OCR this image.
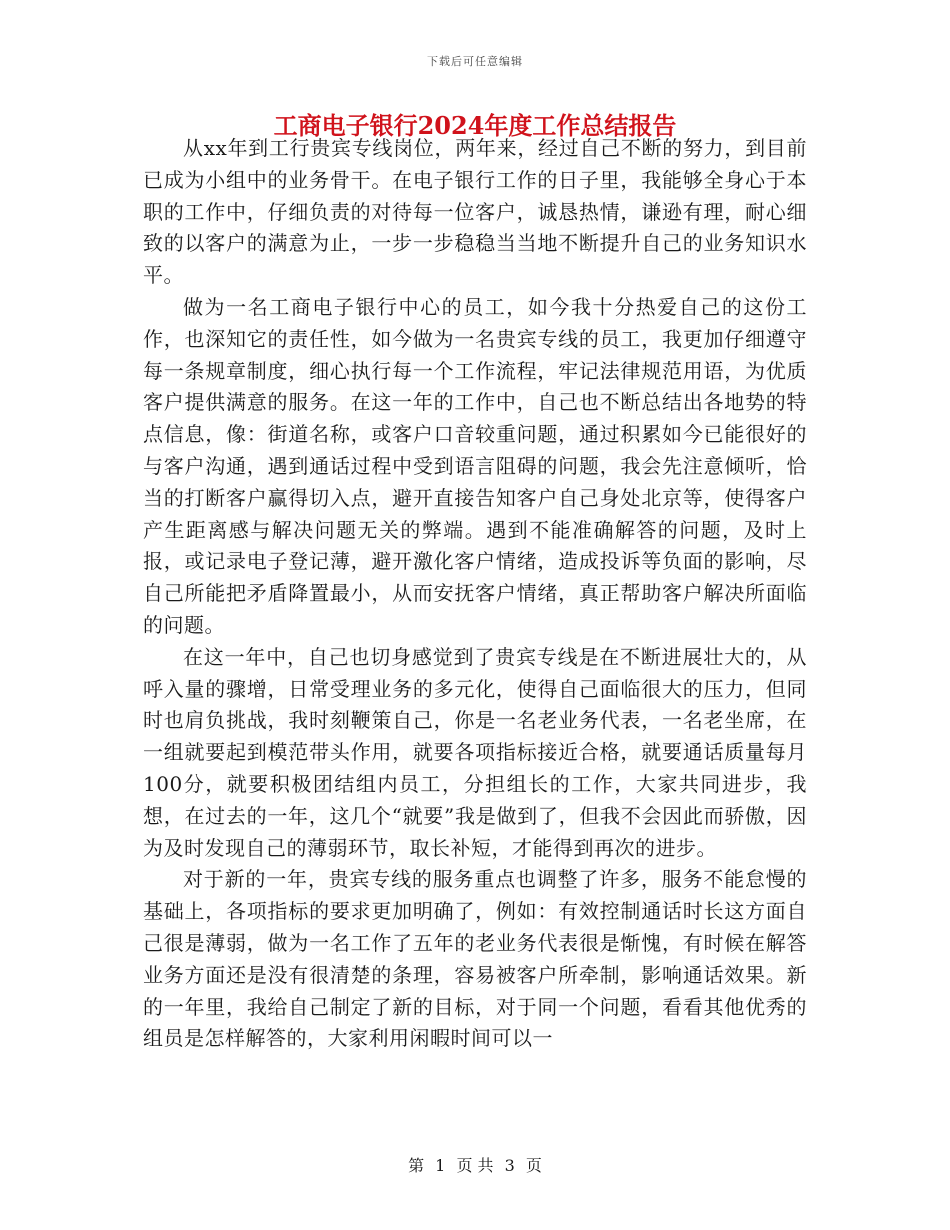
下载后可任意编辑
工商电子银行2024年度工作总结报告

从xx年到工行贵宾专线岗位，两年来，经过自己不断的努力，到目前已成为小组中的业务骨干。在电子银行工作的日子里，我能够全身心于本职的工作中，仔细负责的对待每一位客户，诚恳热情，谦逊有理，耐心细致的以客户的满意为止，一步一步稳稳当当地不断提升自己的业务知识水平。

做为一名工商电子银行中心的员工，如今我十分热爱自己的这份工作，也深知它的责任性，如今做为一名贵宾专线的员工，我更加仔细遵守每一条规章制度，细心执行每一个工作流程，牢记法律规范用语，为优质客户提供满意的服务。在这一年的工作中，自己也不断总结出各地势的特点信息，像：街道名称，或客户口音较重问题，通过积累如今已能很好的与客户沟通，遇到通话过程中受到语言阻碍的问题，我会先注意倾听，恰当的打断客户赢得切入点，避开直接告知客户自己身处北京等，使得客户产生距离感与解决问题无关的弊端。遇到不能准确解答的问题，及时上报，或记录电子登记薄，避开激化客户情绪，造成投诉等负面的影响，尽自己所能把矛盾降置最小，从而安抚客户情绪，真正帮助客户解决所面临的问题。

在这一年中，自己也切身感觉到了贵宾专线是在不断进展壮大的，从呼入量的骤增，日常受理业务的多元化，使得自己面临很大的压力，但同时也肩负挑战，我时刻鞭策自己，你是一名老业务代表，一名老坐席，在一组就要起到模范带头作用，就要各项指标接近合格，就要通话质量每月100分，就要积极团结组内员工，分担组长的工作，大家共同进步，我想，在过去的一年，这几个“就要”我是做到了，但我不会因此而骄傲，因为及时发现自己的薄弱环节，取长补短，才能得到再次的进步。

对于新的一年，贵宾专线的服务重点也调整了许多，服务不能怠慢的基础上，各项指标的要求更加明确了，例如：有效控制通话时长这方面自己很是薄弱，做为一名工作了五年的老业务代表很是惭愧，有时候在解答业务方面还是没有很清楚的条理，容易被客户所牵制，影响通话效果。新的一年里，我给自己制定了新的目标，对于同一个问题，看看其他优秀的组员是怎样解答的，大家利用闲暇时间可以一

第 1 页 共 3 页
